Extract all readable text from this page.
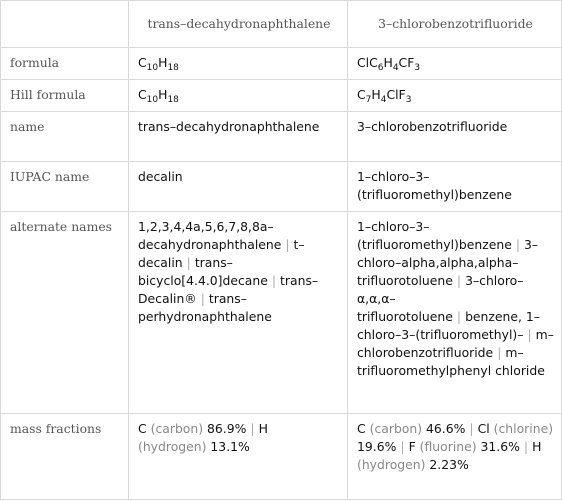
	trans–decahydronaphthalene	3–chlorobenzotrifluoride
formula	$C_{10}H_{18}$	$ClC_6H_4CF_3$
Hill formula	$C_{10}H_{18}$	$C_7H_4ClF_3$
name	trans–decahydronaphthalene	3–chlorobenzotrifluoride
IUPAC name	decalin	1–chloro–3–(trifluoromethyl)benzene
alternate names	1,2,3,4,4a,5,6,7,8,8a–decahydronaphthalene | t–decalin | trans–bicyclo[4.4.0]decane | trans–Decalin® | trans–perhydronaphthalene	1–chloro–3–(trifluoromethyl)benzene | 3–chloro–alpha,alpha,alpha–trifluorotoluene | 3–chloro–α,α,α–trifluorotoluene | benzene, 1–chloro–3–(trifluoromethyl)– | m–chlorobenzotrifluoride | m–trifluoromethylphenyl chloride
mass fractions	C (carbon) 86.9% | H (hydrogen) 13.1%	C (carbon) 46.6% | Cl (chlorine) 19.6% | F (fluorine) 31.6% | H (hydrogen) 2.23%
